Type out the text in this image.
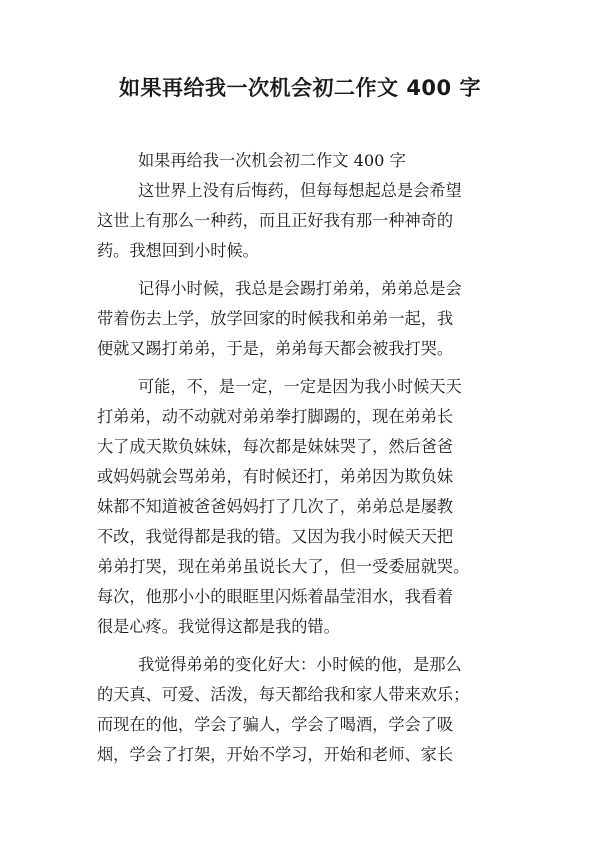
如果再给我一次机会初二作文 400 字
如果再给我一次机会初二作文 400 字
这世界上没有后悔药，但每每想起总是会希望
这世上有那么一种药，而且正好我有那一种神奇的
药。我想回到小时候。
记得小时候，我总是会踢打弟弟，弟弟总是会
带着伤去上学，放学回家的时候我和弟弟一起，我
便就又踢打弟弟，于是，弟弟每天都会被我打哭。
可能，不，是一定，一定是因为我小时候天天
打弟弟，动不动就对弟弟拳打脚踢的，现在弟弟长
大了成天欺负妹妹，每次都是妹妹哭了，然后爸爸
或妈妈就会骂弟弟，有时候还打，弟弟因为欺负妹
妹都不知道被爸爸妈妈打了几次了，弟弟总是屡教
不改，我觉得都是我的错。又因为我小时候天天把
弟弟打哭，现在弟弟虽说长大了，但一受委屈就哭。
每次，他那小小的眼眶里闪烁着晶莹泪水，我看着
很是心疼。我觉得这都是我的错。
我觉得弟弟的变化好大：小时候的他，是那么
的天真、可爱、活泼，每天都给我和家人带来欢乐；
而现在的他，学会了骗人，学会了喝酒，学会了吸
烟，学会了打架，开始不学习，开始和老师、家长
